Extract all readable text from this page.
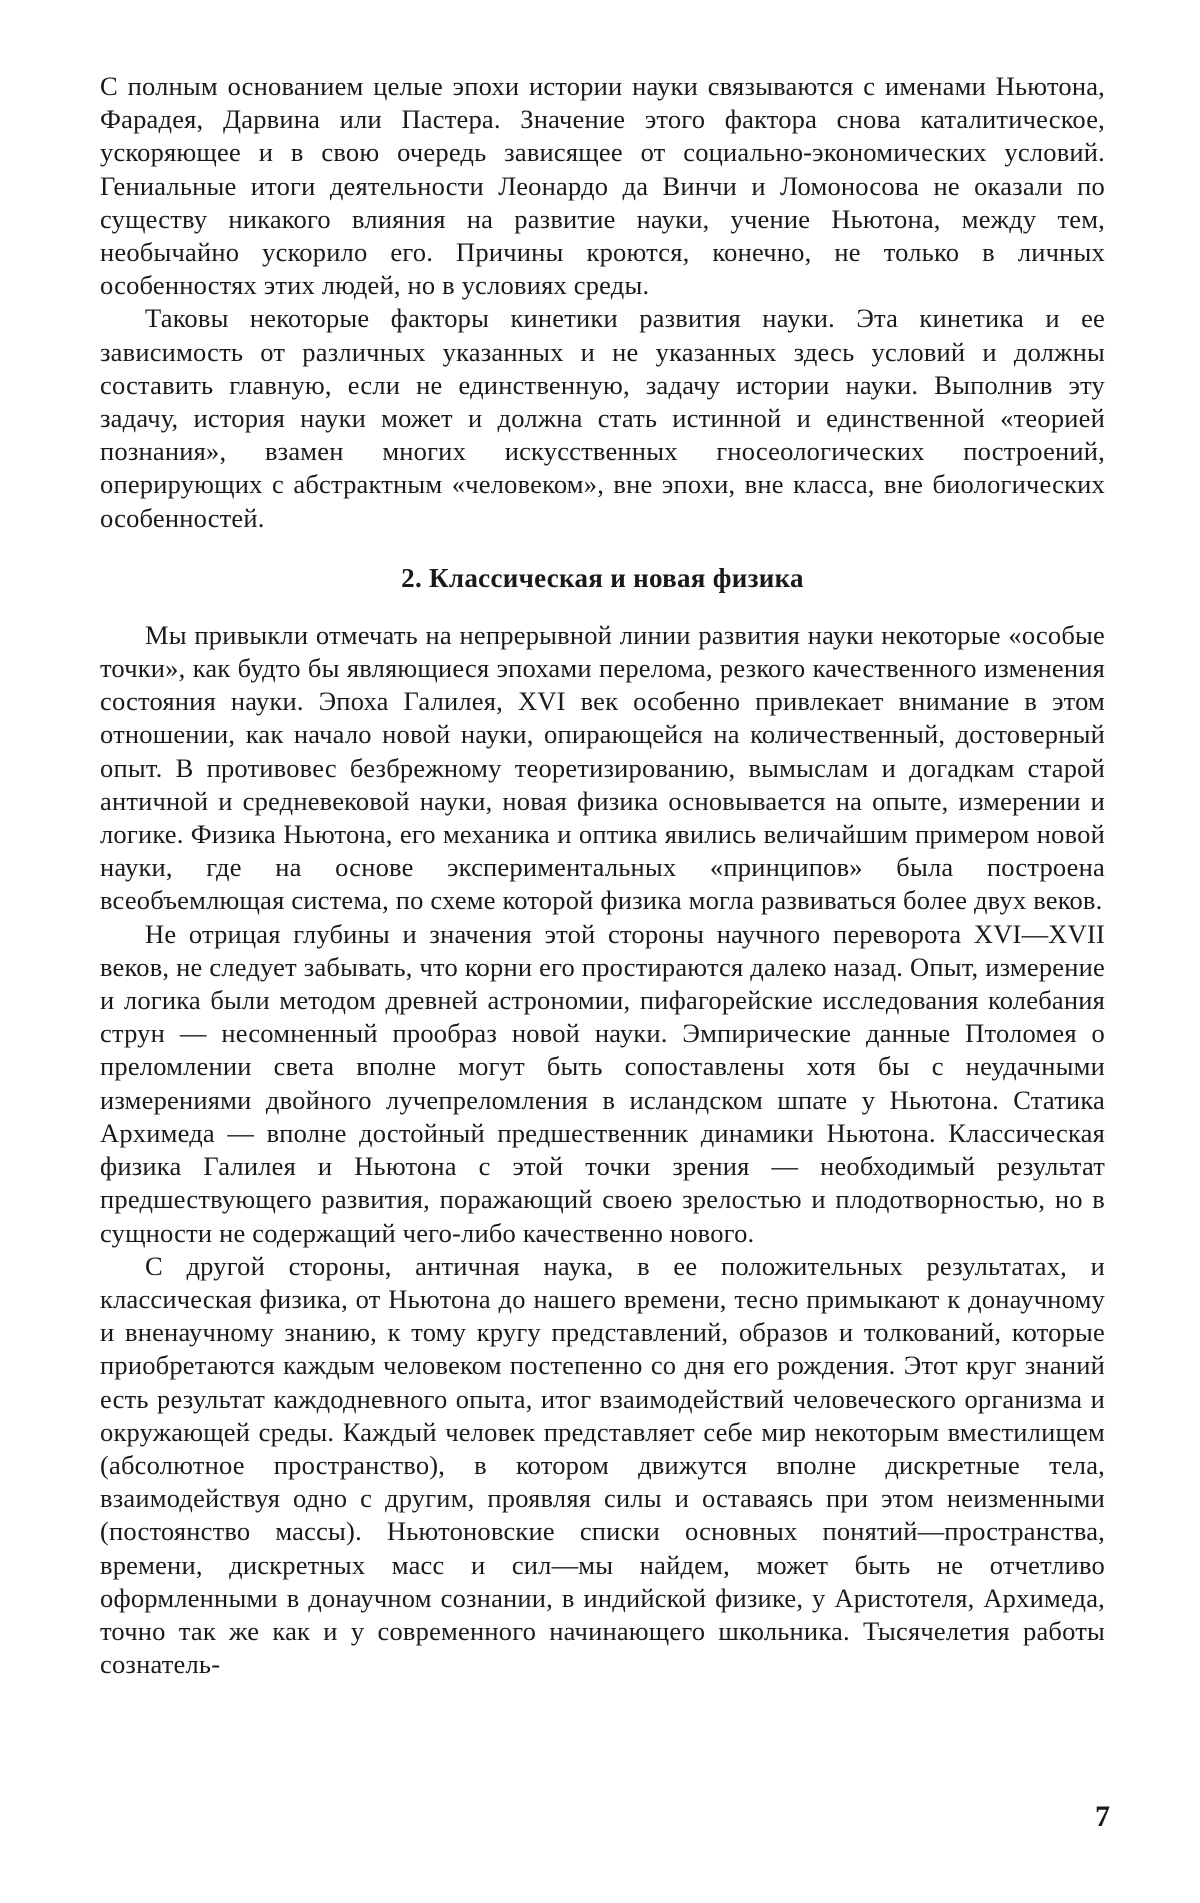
С полным основанием целые эпохи истории науки связываются с именами Ньютона, Фарадея, Дарвина или Пастера. Значение этого фактора снова каталитическое, ускоряющее и в свою очередь зависящее от социально-экономических условий. Гениальные итоги деятельности Леонардо да Винчи и Ломоносова не оказали по существу никакого влияния на развитие науки, учение Ньютона, между тем, необычайно ускорило его. Причины кроются, конечно, не только в личных особенностях этих людей, но в условиях среды.

Таковы некоторые факторы кинетики развития науки. Эта кинетика и ее зависимость от различных указанных и не указанных здесь условий и должны составить главную, если не единственную, задачу истории науки. Выполнив эту задачу, история науки может и должна стать истинной и единственной «теорией познания», взамен многих искусственных гносеологических построений, оперирующих с абстрактным «человеком», вне эпохи, вне класса, вне биологических особенностей.

2. Классическая и новая физика

Мы привыкли отмечать на непрерывной линии развития науки некоторые «особые точки», как будто бы являющиеся эпохами перелома, резкого качественного изменения состояния науки. Эпоха Галилея, XVI век особенно привлекает внимание в этом отношении, как начало новой науки, опирающейся на количественный, достоверный опыт. В противовес безбрежному теоретизированию, вымыслам и догадкам старой античной и средневековой науки, новая физика основывается на опыте, измерении и логике. Физика Ньютона, его механика и оптика явились величайшим примером новой науки, где на основе экспериментальных «принципов» была построена всеобъемлющая система, по схеме которой физика могла развиваться более двух веков.

Не отрицая глубины и значения этой стороны научного переворота XVI—XVII веков, не следует забывать, что корни его простираются далеко назад. Опыт, измерение и логика были методом древней астрономии, пифагорейские исследования колебания струн — несомненный прообраз новой науки. Эмпирические данные Птоломея о преломлении света вполне могут быть сопоставлены хотя бы с неудачными измерениями двойного лучепреломления в исландском шпате у Ньютона. Статика Архимеда — вполне достойный предшественник динамики Ньютона. Классическая физика Галилея и Ньютона с этой точки зрения — необходимый результат предшествующего развития, поражающий своею зрелостью и плодотворностью, но в сущности не содержащий чего-либо качественно нового.

С другой стороны, античная наука, в ее положительных результатах, и классическая физика, от Ньютона до нашего времени, тесно примыкают к донаучному и вненаучному знанию, к тому кругу представлений, образов и толкований, которые приобретаются каждым человеком постепенно со дня его рождения. Этот круг знаний есть результат каждодневного опыта, итог взаимодействий человеческого организма и окружающей среды. Каждый человек представляет себе мир некоторым вместилищем (абсолютное пространство), в котором движутся вполне дискретные тела, взаимодействуя одно с другим, проявляя силы и оставаясь при этом неизменными (постоянство массы). Ньютоновские списки основных понятий—пространства, времени, дискретных масс и сил—мы найдем, может быть не отчетливо оформленными в донаучном сознании, в индийской физике, у Аристотеля, Архимеда, точно так же как и у современного начинающего школьника. Тысячелетия работы сознатель-

7
